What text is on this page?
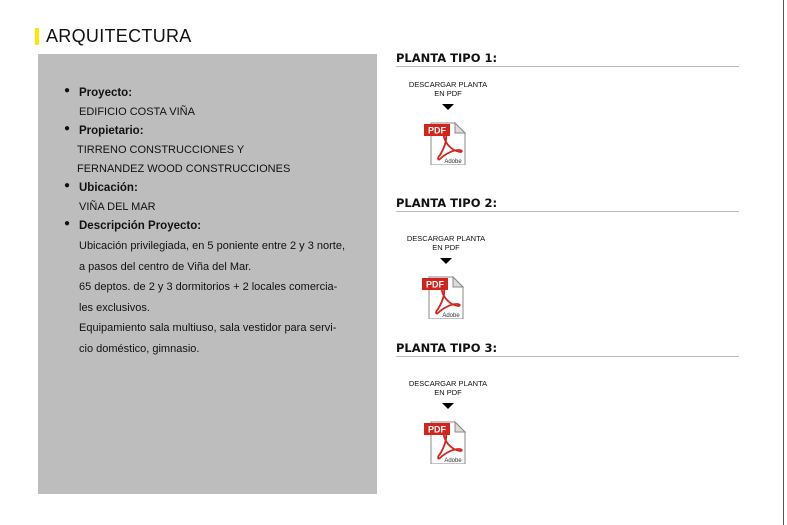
ARQUITECTURA
● Proyecto:
EDIFICIO COSTA VIÑA
● Propietario:
TIRRENO CONSTRUCCIONES Y
FERNANDEZ WOOD CONSTRUCCIONES
● Ubicación:
VIÑA DEL MAR
● Descripción Proyecto:
Ubicación privilegiada, en 5 poniente entre 2 y 3 norte,
a pasos del centro de Viña del Mar.
65 deptos. de 2 y 3 dormitorios + 2 locales comercia-
les exclusivos.
Equipamiento sala multiuso, sala vestidor para servi-
cio doméstico, gimnasio.
PLANTA TIPO 1:
DESCARGAR PLANTA
EN PDF
PDF
Adobe
PLANTA TIPO 2:
DESCARGAR PLANTA
EN PDF
PDF
Adobe
PLANTA TIPO 3:
DESCARGAR PLANTA
EN PDF
PDF
Adobe
